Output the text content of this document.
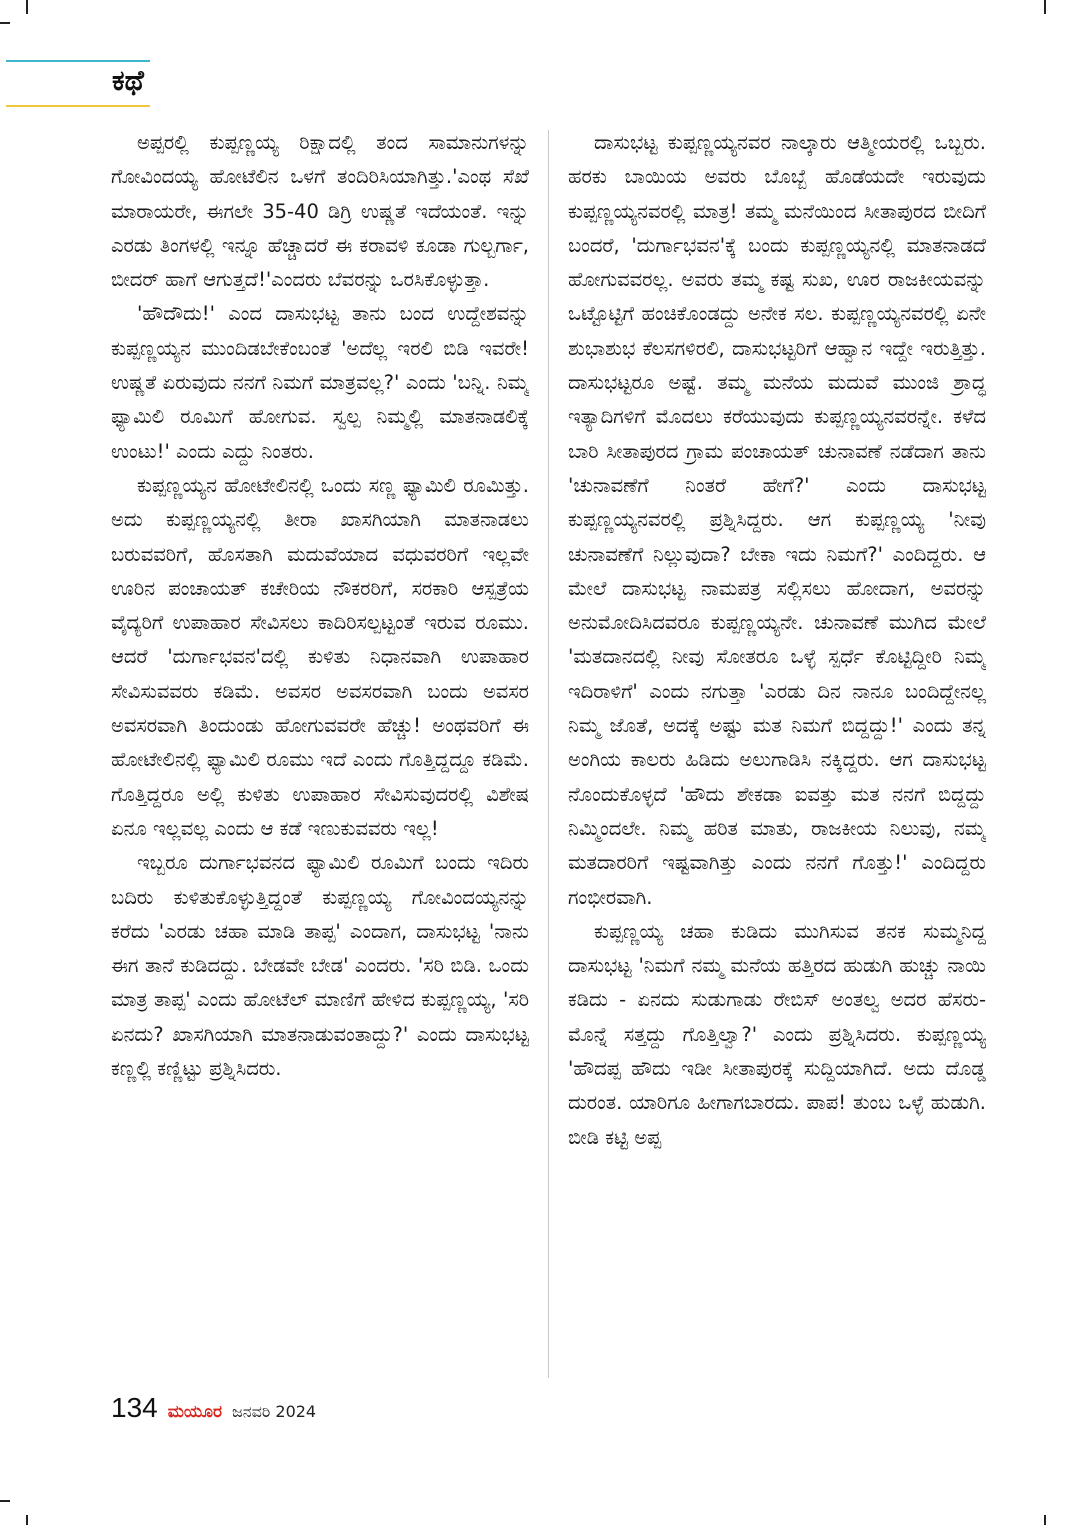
ಕಥೆ

ಅಪ್ಪರಲ್ಲಿ ಕುಪ್ಪಣ್ಣಯ್ಯ ರಿಕ್ಷಾದಲ್ಲಿ ತಂದ ಸಾಮಾನುಗಳನ್ನು ಗೋವಿಂದಯ್ಯ ಹೋಟೆಲಿನ ಒಳಗೆ ತಂದಿರಿಸಿಯಾಗಿತ್ತು.'ಎಂಥ ಸೆಖೆ ಮಾರಾಯರೇ, ಈಗಲೇ 35-40 ಡಿಗ್ರಿ ಉಷ್ಣತೆ ಇದೆಯಂತೆ. ಇನ್ನು ಎರಡು ತಿಂಗಳಲ್ಲಿ ಇನ್ನೂ ಹೆಚ್ಚಾದರೆ ಈ ಕರಾವಳಿ ಕೂಡಾ ಗುಲ್ಬರ್ಗಾ, ಬೀದರ್ ಹಾಗೆ ಆಗುತ್ತದೆ!'ಎಂದರು ಬೆವರನ್ನು ಒರಸಿಕೊಳ್ಳುತ್ತಾ.

'ಹೌದೌದು!' ಎಂದ ದಾಸುಭಟ್ಟ ತಾನು ಬಂದ ಉದ್ದೇಶವನ್ನು ಕುಪ್ಪಣ್ಣಯ್ಯನ ಮುಂದಿಡಬೇಕೆಂಬಂತೆ 'ಅದೆಲ್ಲ ಇರಲಿ ಬಿಡಿ ಇವರೇ! ಉಷ್ಣತೆ ಏರುವುದು ನನಗೆ ನಿಮಗೆ ಮಾತ್ರವಲ್ಲ?' ಎಂದು 'ಬನ್ನಿ. ನಿಮ್ಮ ಫ್ಯಾಮಿಲಿ ರೂಮಿಗೆ ಹೋಗುವ. ಸ್ವಲ್ಪ ನಿಮ್ಮಲ್ಲಿ ಮಾತನಾಡಲಿಕ್ಕೆ ಉಂಟು!' ಎಂದು ಎದ್ದು ನಿಂತರು.

ಕುಪ್ಪಣ್ಣಯ್ಯನ ಹೋಟೇಲಿನಲ್ಲಿ ಒಂದು ಸಣ್ಣ ಫ್ಯಾಮಿಲಿ ರೂಮಿತ್ತು. ಅದು ಕುಪ್ಪಣ್ಣಯ್ಯನಲ್ಲಿ ತೀರಾ ಖಾಸಗಿಯಾಗಿ ಮಾತನಾಡಲು ಬರುವವರಿಗೆ, ಹೊಸತಾಗಿ ಮದುವೆಯಾದ ವಧುವರರಿಗೆ ಇಲ್ಲವೇ ಊರಿನ ಪಂಚಾಯತ್ ಕಚೇರಿಯ ನೌಕರರಿಗೆ, ಸರಕಾರಿ ಆಸ್ಪತ್ರೆಯ ವೈದ್ಯರಿಗೆ ಉಪಾಹಾರ ಸೇವಿಸಲು ಕಾದಿರಿಸಲ್ಪಟ್ಟಂತೆ ಇರುವ ರೂಮು. ಆದರೆ 'ದುರ್ಗಾಭವನ'ದಲ್ಲಿ ಕುಳಿತು ನಿಧಾನವಾಗಿ ಉಪಾಹಾರ ಸೇವಿಸುವವರು ಕಡಿಮೆ. ಅವಸರ ಅವಸರವಾಗಿ ಬಂದು ಅವಸರ ಅವಸರವಾಗಿ ತಿಂದುಂಡು ಹೋಗುವವರೇ ಹೆಚ್ಚು! ಅಂಥವರಿಗೆ ಈ ಹೋಟೇಲಿನಲ್ಲಿ ಫ್ಯಾಮಿಲಿ ರೂಮು ಇದೆ ಎಂದು ಗೊತ್ತಿದ್ದದ್ದೂ ಕಡಿಮೆ. ಗೊತ್ತಿದ್ದರೂ ಅಲ್ಲಿ ಕುಳಿತು ಉಪಾಹಾರ ಸೇವಿಸುವುದರಲ್ಲಿ ವಿಶೇಷ ಏನೂ ಇಲ್ಲವಲ್ಲ ಎಂದು ಆ ಕಡೆ ಇಣುಕುವವರು ಇಲ್ಲ!

ಇಬ್ಬರೂ ದುರ್ಗಾಭವನದ ಫ್ಯಾಮಿಲಿ ರೂಮಿಗೆ ಬಂದು ಇದಿರು ಬದಿರು ಕುಳಿತುಕೊಳ್ಳುತ್ತಿದ್ದಂತೆ ಕುಪ್ಪಣ್ಣಯ್ಯ ಗೋವಿಂದಯ್ಯನನ್ನು ಕರೆದು 'ಎರಡು ಚಹಾ ಮಾಡಿ ತಾಪ್ಪ' ಎಂದಾಗ, ದಾಸುಭಟ್ಟ 'ನಾನು ಈಗ ತಾನೆ ಕುಡಿದದ್ದು. ಬೇಡವೇ ಬೇಡ' ಎಂದರು. 'ಸರಿ ಬಿಡಿ. ಒಂದು ಮಾತ್ರ ತಾಪ್ಪ' ಎಂದು ಹೋಟೆಲ್ ಮಾಣಿಗೆ ಹೇಳಿದ ಕುಪ್ಪಣ್ಣಯ್ಯ, 'ಸರಿ ಏನದು? ಖಾಸಗಿಯಾಗಿ ಮಾತನಾಡುವಂತಾದ್ದು?' ಎಂದು ದಾಸುಭಟ್ಟ ಕಣ್ಣಲ್ಲಿ ಕಣ್ಣಿಟ್ಟು ಪ್ರಶ್ನಿಸಿದರು.

ದಾಸುಭಟ್ಟ ಕುಪ್ಪಣ್ಣಯ್ಯನವರ ನಾಲ್ಕಾರು ಆತ್ಮೀಯರಲ್ಲಿ ಒಬ್ಬರು. ಹರಕು ಬಾಯಿಯ ಅವರು ಬೊಬ್ಬೆ ಹೊಡೆಯದೇ ಇರುವುದು ಕುಪ್ಪಣ್ಣಯ್ಯನವರಲ್ಲಿ ಮಾತ್ರ! ತಮ್ಮ ಮನೆಯಿಂದ ಸೀತಾಪುರದ ಬೀದಿಗೆ ಬಂದರೆ, 'ದುರ್ಗಾಭವನ'ಕ್ಕೆ ಬಂದು ಕುಪ್ಪಣ್ಣಯ್ಯನಲ್ಲಿ ಮಾತನಾಡದೆ ಹೋಗುವವರಲ್ಲ. ಅವರು ತಮ್ಮ ಕಷ್ಟ ಸುಖ, ಊರ ರಾಜಕೀಯವನ್ನು ಒಟ್ಟೊಟ್ಟಿಗೆ ಹಂಚಿಕೊಂಡದ್ದು ಅನೇಕ ಸಲ. ಕುಪ್ಪಣ್ಣಯ್ಯನವರಲ್ಲಿ ಏನೇ ಶುಭಾಶುಭ ಕೆಲಸಗಳಿರಲಿ, ದಾಸುಭಟ್ಟರಿಗೆ ಆಹ್ವಾನ ಇದ್ದೇ ಇರುತ್ತಿತ್ತು. ದಾಸುಭಟ್ಟರೂ ಅಷ್ಟೆ. ತಮ್ಮ ಮನೆಯ ಮದುವೆ ಮುಂಜಿ ಶ್ರಾದ್ಧ ಇತ್ಯಾದಿಗಳಿಗೆ ಮೊದಲು ಕರೆಯುವುದು ಕುಪ್ಪಣ್ಣಯ್ಯನವರನ್ನೇ. ಕಳೆದ ಬಾರಿ ಸೀತಾಪುರದ ಗ್ರಾಮ ಪಂಚಾಯತ್ ಚುನಾವಣೆ ನಡೆದಾಗ ತಾನು 'ಚುನಾವಣೆಗೆ ನಿಂತರೆ ಹೇಗೆ?' ಎಂದು ದಾಸುಭಟ್ಟ ಕುಪ್ಪಣ್ಣಯ್ಯನವರಲ್ಲಿ ಪ್ರಶ್ನಿಸಿದ್ದರು. ಆಗ ಕುಪ್ಪಣ್ಣಯ್ಯ 'ನೀವು ಚುನಾವಣೆಗೆ ನಿಲ್ಲುವುದಾ? ಬೇಕಾ ಇದು ನಿಮಗೆ?' ಎಂದಿದ್ದರು. ಆ ಮೇಲೆ ದಾಸುಭಟ್ಟ ನಾಮಪತ್ರ ಸಲ್ಲಿಸಲು ಹೋದಾಗ, ಅವರನ್ನು ಅನುಮೋದಿಸಿದವರೂ ಕುಪ್ಪಣ್ಣಯ್ಯನೇ. ಚುನಾವಣೆ ಮುಗಿದ ಮೇಲೆ 'ಮತದಾನದಲ್ಲಿ ನೀವು ಸೋತರೂ ಒಳ್ಳೆ ಸ್ಪರ್ಧೆ ಕೊಟ್ಟಿದ್ದೀರಿ ನಿಮ್ಮ ಇದಿರಾಳಿಗೆ' ಎಂದು ನಗುತ್ತಾ 'ಎರಡು ದಿನ ನಾನೂ ಬಂದಿದ್ದೇನಲ್ಲ ನಿಮ್ಮ ಜೊತೆ, ಅದಕ್ಕೆ ಅಷ್ಟು ಮತ ನಿಮಗೆ ಬಿದ್ದದ್ದು!' ಎಂದು ತನ್ನ ಅಂಗಿಯ ಕಾಲರು ಹಿಡಿದು ಅಲುಗಾಡಿಸಿ ನಕ್ಕಿದ್ದರು. ಆಗ ದಾಸುಭಟ್ಟ ನೊಂದುಕೊಳ್ಳದೆ 'ಹೌದು ಶೇಕಡಾ ಐವತ್ತು ಮತ ನನಗೆ ಬಿದ್ದದ್ದು ನಿಮ್ಮಿಂದಲೇ. ನಿಮ್ಮ ಹರಿತ ಮಾತು, ರಾಜಕೀಯ ನಿಲುವು, ನಮ್ಮ ಮತದಾರರಿಗೆ ಇಷ್ಟವಾಗಿತ್ತು ಎಂದು ನನಗೆ ಗೊತ್ತು!' ಎಂದಿದ್ದರು ಗಂಭೀರವಾಗಿ.

ಕುಪ್ಪಣ್ಣಯ್ಯ ಚಹಾ ಕುಡಿದು ಮುಗಿಸುವ ತನಕ ಸುಮ್ಮನಿದ್ದ ದಾಸುಭಟ್ಟ 'ನಿಮಗೆ ನಮ್ಮ ಮನೆಯ ಹತ್ತಿರದ ಹುಡುಗಿ ಹುಚ್ಚು ನಾಯಿ ಕಡಿದು - ಏನದು ಸುಡುಗಾಡು ರೇಬಿಸ್ ಅಂತಲ್ವ ಅದರ ಹೆಸರು- ಮೊನ್ನೆ ಸತ್ತದ್ದು ಗೊತ್ತಿಲ್ವಾ?' ಎಂದು ಪ್ರಶ್ನಿಸಿದರು. ಕುಪ್ಪಣ್ಣಯ್ಯ 'ಹೌದಪ್ಪ ಹೌದು ಇಡೀ ಸೀತಾಪುರಕ್ಕೆ ಸುದ್ದಿಯಾಗಿದೆ. ಅದು ದೊಡ್ಡ ದುರಂತ. ಯಾರಿಗೂ ಹೀಗಾಗಬಾರದು. ಪಾಪ! ತುಂಬ ಒಳ್ಳೆ ಹುಡುಗಿ. ಬೀಡಿ ಕಟ್ಟಿ ಅಪ್ಪ

134 ಮಯೂರ ಜನವರಿ 2024
